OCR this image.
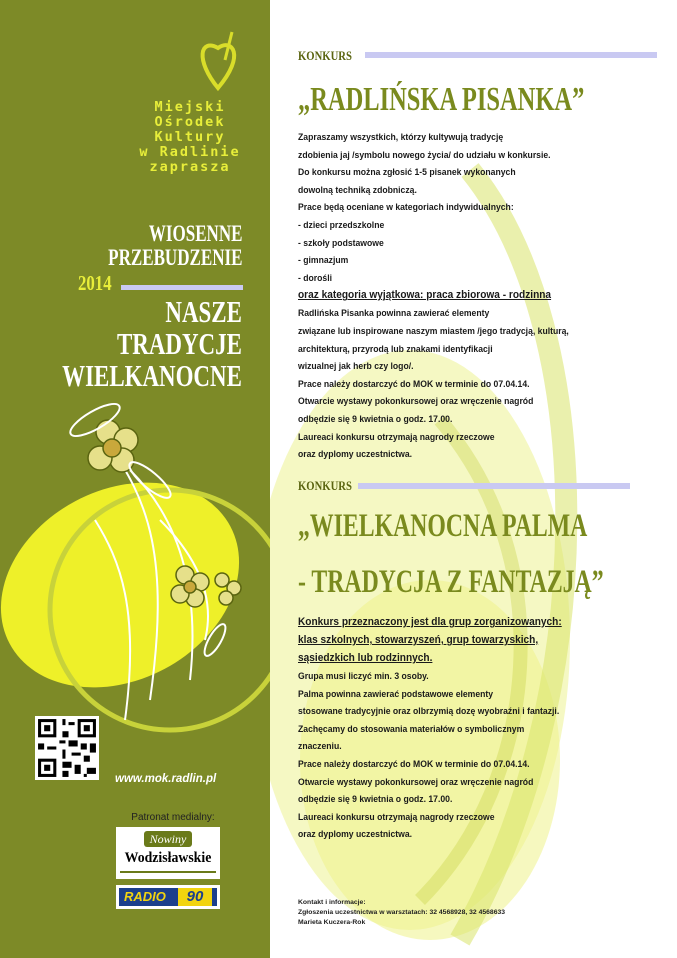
Miejski
Ośrodek
Kultury
w Radlinie
zaprasza
WIOSENNE
PRZEBUDZENIE
2014
NASZE
TRADYCJE
WIELKANOCNE
www.mok.radlin.pl
Patronat medialny:
Nowiny
Wodzisławskie
RADIO	90
KONKURS
„RADLIŃSKA PISANKA”
Zapraszamy wszystkich, którzy kultywują tradycję
zdobienia jaj /symbolu nowego życia/ do udziału w konkursie.
Do konkursu można zgłosić 1-5 pisanek wykonanych
dowolną techniką zdobniczą.
Prace będą oceniane w kategoriach indywidualnych:
- dzieci przedszkolne
- szkoły podstawowe
- gimnazjum
- dorośli
oraz kategoria wyjątkowa: praca zbiorowa - rodzinna
Radlińska Pisanka powinna zawierać elementy
związane lub inspirowane naszym miastem /jego tradycją, kulturą,
architekturą, przyrodą lub znakami identyfikacji
wizualnej jak herb czy logo/.
Prace należy dostarczyć do MOK w terminie do 07.04.14.
Otwarcie wystawy pokonkursowej oraz wręczenie nagród
odbędzie się 9 kwietnia o godz. 17.00.
Laureaci konkursu otrzymają nagrody rzeczowe
oraz dyplomy uczestnictwa.
KONKURS
„WIELKANOCNA PALMA
- TRADYCJA Z FANTAZJĄ”
Konkurs przeznaczony jest dla grup zorganizowanych:
klas szkolnych, stowarzyszeń, grup towarzyskich,
sąsiedzkich lub rodzinnych.
Grupa musi liczyć min. 3 osoby.
Palma powinna zawierać podstawowe elementy
stosowane tradycyjnie oraz olbrzymią dozę wyobraźni i fantazji.
Zachęcamy do stosowania materiałów o symbolicznym
znaczeniu.
Prace należy dostarczyć do MOK w terminie do 07.04.14.
Otwarcie wystawy pokonkursowej oraz wręczenie nagród
odbędzie się 9 kwietnia o godz. 17.00.
Laureaci konkursu otrzymają nagrody rzeczowe
oraz dyplomy uczestnictwa.
Kontakt i informacje:
Zgłoszenia uczestnictwa w warsztatach: 32 4568928, 32 4568633
Marieta Kuczera-Rok
